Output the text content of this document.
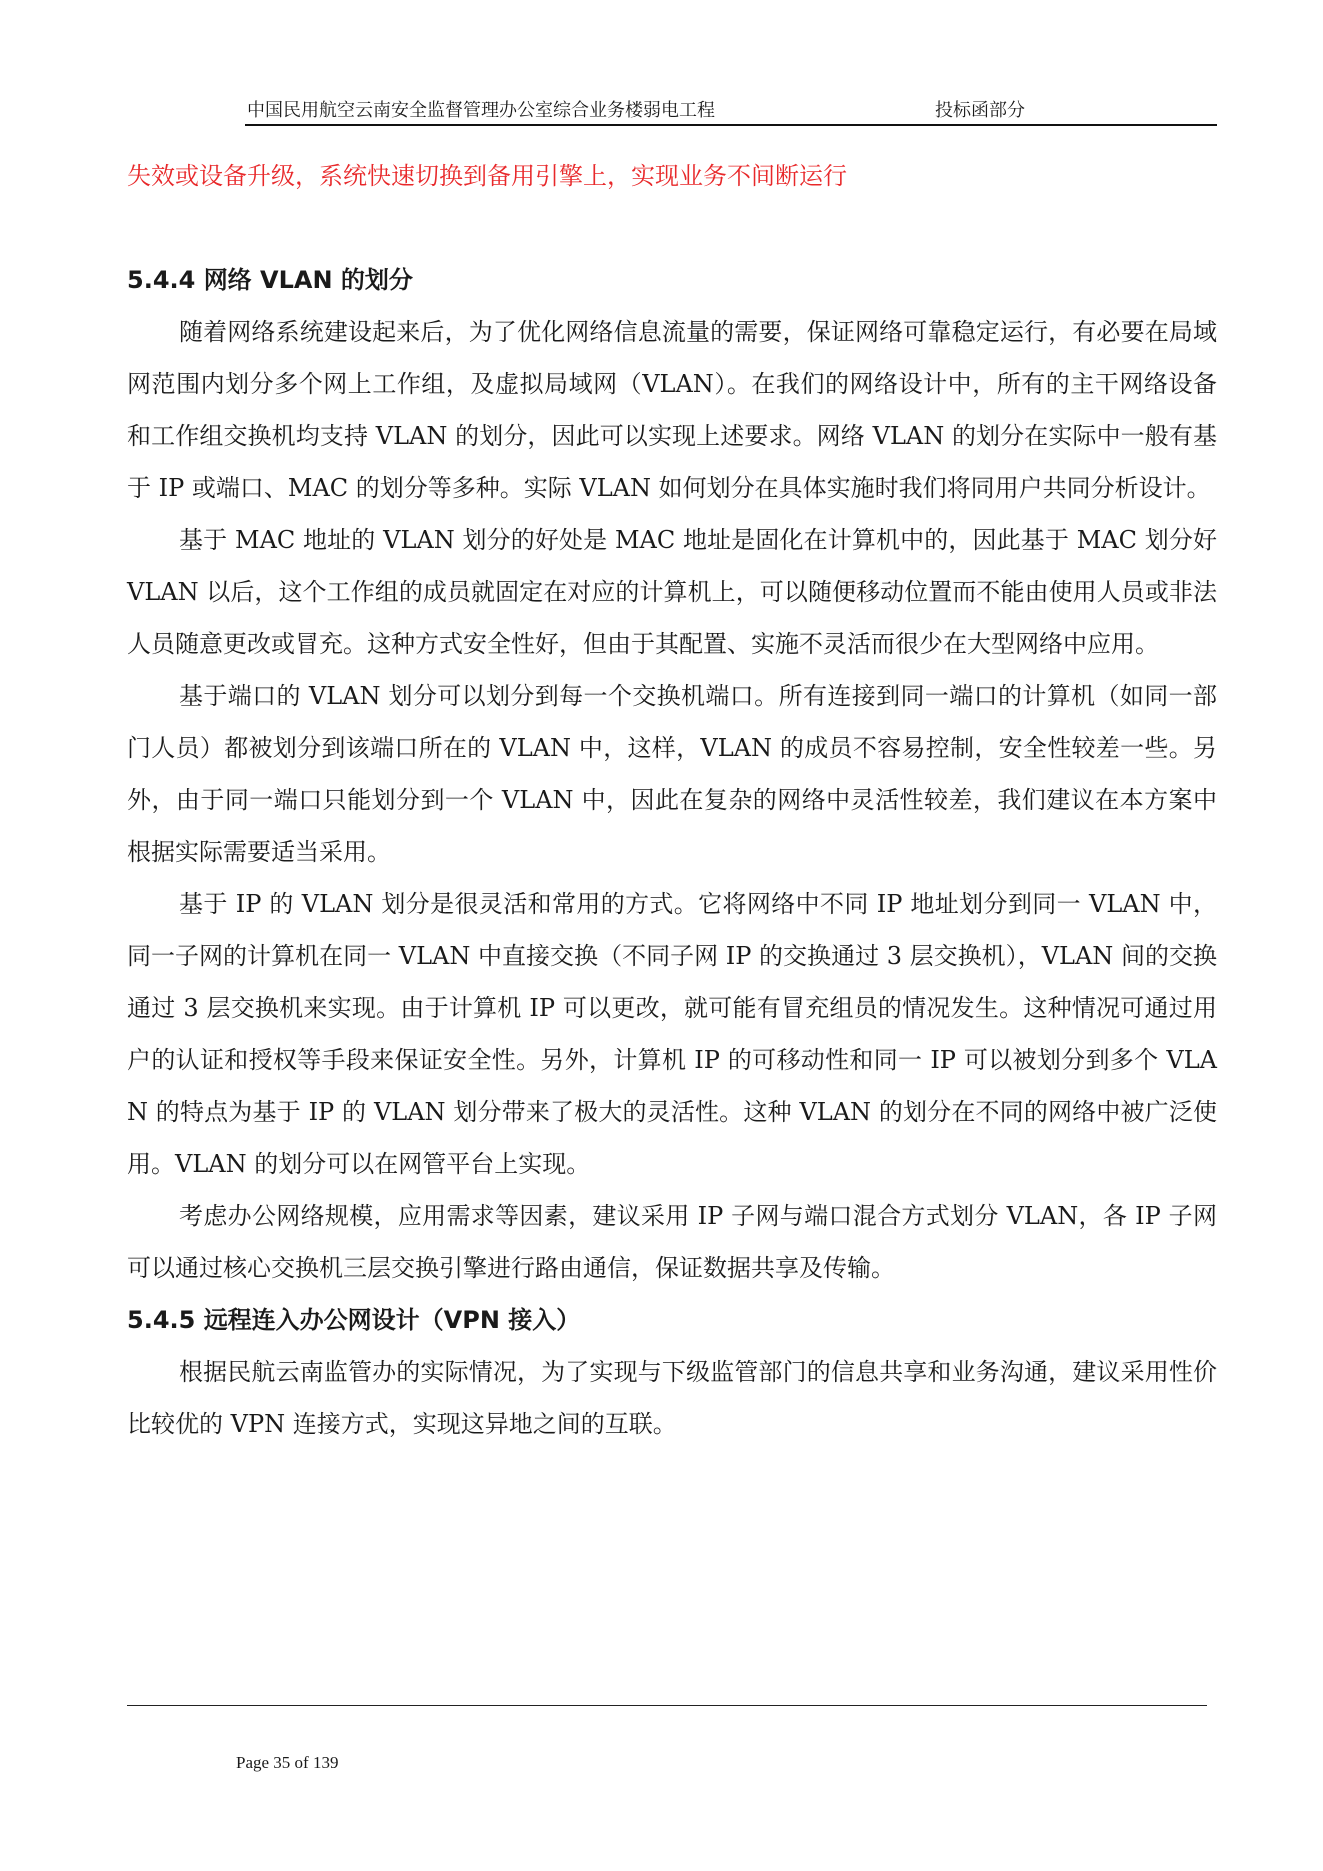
中国民用航空云南安全监督管理办公室综合业务楼弱电工程	投标函部分

失效或设备升级，系统快速切换到备用引擎上，实现业务不间断运行

5.4.4 网络 VLAN 的划分

随着网络系统建设起来后，为了优化网络信息流量的需要，保证网络可靠稳定运行，有必要在局域网范围内划分多个网上工作组，及虚拟局域网（VLAN）。在我们的网络设计中，所有的主干网络设备和工作组交换机均支持 VLAN 的划分，因此可以实现上述要求。网络 VLAN 的划分在实际中一般有基于 IP 或端口、MAC 的划分等多种。实际 VLAN 如何划分在具体实施时我们将同用户共同分析设计。

基于 MAC 地址的 VLAN 划分的好处是 MAC 地址是固化在计算机中的，因此基于 MAC 划分好 VLAN 以后，这个工作组的成员就固定在对应的计算机上，可以随便移动位置而不能由使用人员或非法人员随意更改或冒充。这种方式安全性好，但由于其配置、实施不灵活而很少在大型网络中应用。

基于端口的 VLAN 划分可以划分到每一个交换机端口。所有连接到同一端口的计算机（如同一部门人员）都被划分到该端口所在的 VLAN 中，这样，VLAN 的成员不容易控制，安全性较差一些。另外，由于同一端口只能划分到一个 VLAN 中，因此在复杂的网络中灵活性较差，我们建议在本方案中根据实际需要适当采用。

基于 IP 的 VLAN 划分是很灵活和常用的方式。它将网络中不同 IP 地址划分到同一 VLAN 中，同一子网的计算机在同一 VLAN 中直接交换（不同子网 IP 的交换通过 3 层交换机），VLAN 间的交换通过 3 层交换机来实现。由于计算机 IP 可以更改，就可能有冒充组员的情况发生。这种情况可通过用户的认证和授权等手段来保证安全性。另外，计算机 IP 的可移动性和同一 IP 可以被划分到多个 VLAN 的特点为基于 IP 的 VLAN 划分带来了极大的灵活性。这种 VLAN 的划分在不同的网络中被广泛使用。VLAN 的划分可以在网管平台上实现。

考虑办公网络规模，应用需求等因素，建议采用 IP 子网与端口混合方式划分 VLAN，各 IP 子网可以通过核心交换机三层交换引擎进行路由通信，保证数据共享及传输。

5.4.5 远程连入办公网设计（VPN 接入）

根据民航云南监管办的实际情况，为了实现与下级监管部门的信息共享和业务沟通，建议采用性价比较优的 VPN 连接方式，实现这异地之间的互联。

Page 35 of 139
